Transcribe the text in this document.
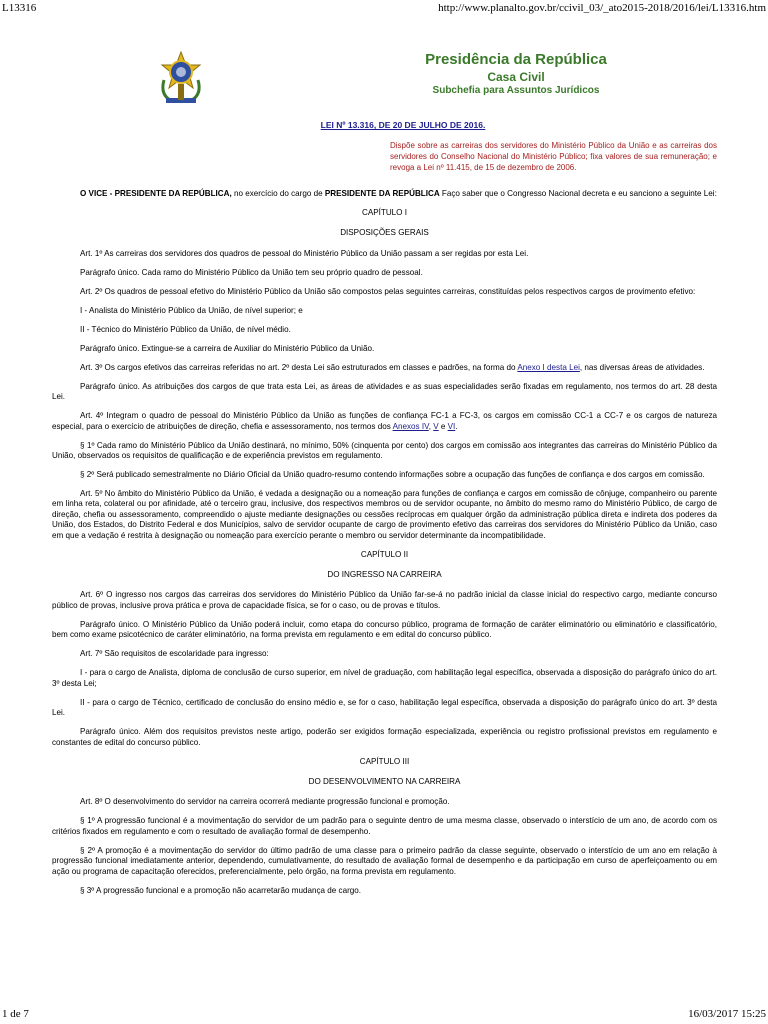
L13316	http://www.planalto.gov.br/ccivil_03/_ato2015-2018/2016/lei/L13316.htm
Presidência da República
Casa Civil
Subchefia para Assuntos Jurídicos
LEI Nº 13.316, DE 20 DE JULHO DE 2016.
Dispõe sobre as carreiras dos servidores do Ministério Público da União e as carreiras dos servidores do Conselho Nacional do Ministério Público; fixa valores de sua remuneração; e revoga a Lei nº 11.415, de 15 de dezembro de 2006.

O VICE - PRESIDENTE DA REPÚBLICA, no exercício do cargo de PRESIDENTE DA REPÚBLICA Faço saber que o Congresso Nacional decreta e eu sanciono a seguinte Lei:

CAPÍTULO I

DISPOSIÇÕES GERAIS

Art. 1º As carreiras dos servidores dos quadros de pessoal do Ministério Público da União passam a ser regidas por esta Lei.

Parágrafo único. Cada ramo do Ministério Público da União tem seu próprio quadro de pessoal.

Art. 2º Os quadros de pessoal efetivo do Ministério Público da União são compostos pelas seguintes carreiras, constituídas pelos respectivos cargos de provimento efetivo:

I - Analista do Ministério Público da União, de nível superior; e

II - Técnico do Ministério Público da União, de nível médio.

Parágrafo único. Extingue-se a carreira de Auxiliar do Ministério Público da União.

Art. 3º Os cargos efetivos das carreiras referidas no art. 2º desta Lei são estruturados em classes e padrões, na forma do Anexo I desta Lei, nas diversas áreas de atividades.

Parágrafo único. As atribuições dos cargos de que trata esta Lei, as áreas de atividades e as suas especialidades serão fixadas em regulamento, nos termos do art. 28 desta Lei.

Art. 4º Integram o quadro de pessoal do Ministério Público da União as funções de confiança FC-1 a FC-3, os cargos em comissão CC-1 a CC-7 e os cargos de natureza especial, para o exercício de atribuições de direção, chefia e assessoramento, nos termos dos Anexos IV, V e VI.

§ 1º Cada ramo do Ministério Público da União destinará, no mínimo, 50% (cinquenta por cento) dos cargos em comissão aos integrantes das carreiras do Ministério Público da União, observados os requisitos de qualificação e de experiência previstos em regulamento.

§ 2º Será publicado semestralmente no Diário Oficial da União quadro-resumo contendo informações sobre a ocupação das funções de confiança e dos cargos em comissão.

Art. 5º No âmbito do Ministério Público da União, é vedada a designação ou a nomeação para funções de confiança e cargos em comissão de cônjuge, companheiro ou parente em linha reta, colateral ou por afinidade, até o terceiro grau, inclusive, dos respectivos membros ou de servidor ocupante, no âmbito do mesmo ramo do Ministério Público, de cargo de direção, chefia ou assessoramento, compreendido o ajuste mediante designações ou cessões recíprocas em qualquer órgão da administração pública direta e indireta dos poderes da União, dos Estados, do Distrito Federal e dos Municípios, salvo de servidor ocupante de cargo de provimento efetivo das carreiras dos servidores do Ministério Público da União, caso em que a vedação é restrita à designação ou nomeação para exercício perante o membro ou servidor determinante da incompatibilidade.

CAPÍTULO II

DO INGRESSO NA CARREIRA

Art. 6º O ingresso nos cargos das carreiras dos servidores do Ministério Público da União far-se-á no padrão inicial da classe inicial do respectivo cargo, mediante concurso público de provas, inclusive prova prática e prova de capacidade física, se for o caso, ou de provas e títulos.

Parágrafo único. O Ministério Público da União poderá incluir, como etapa do concurso público, programa de formação de caráter eliminatório ou eliminatório e classificatório, bem como exame psicotécnico de caráter eliminatório, na forma prevista em regulamento e em edital do concurso público.

Art. 7º São requisitos de escolaridade para ingresso:

I - para o cargo de Analista, diploma de conclusão de curso superior, em nível de graduação, com habilitação legal específica, observada a disposição do parágrafo único do art. 3º desta Lei;

II - para o cargo de Técnico, certificado de conclusão do ensino médio e, se for o caso, habilitação legal específica, observada a disposição do parágrafo único do art. 3º desta Lei.

Parágrafo único. Além dos requisitos previstos neste artigo, poderão ser exigidos formação especializada, experiência ou registro profissional previstos em regulamento e constantes de edital do concurso público.

CAPÍTULO III

DO DESENVOLVIMENTO NA CARREIRA

Art. 8º O desenvolvimento do servidor na carreira ocorrerá mediante progressão funcional e promoção.

§ 1º A progressão funcional é a movimentação do servidor de um padrão para o seguinte dentro de uma mesma classe, observado o interstício de um ano, de acordo com os critérios fixados em regulamento e com o resultado de avaliação formal de desempenho.

§ 2º A promoção é a movimentação do servidor do último padrão de uma classe para o primeiro padrão da classe seguinte, observado o interstício de um ano em relação à progressão funcional imediatamente anterior, dependendo, cumulativamente, do resultado de avaliação formal de desempenho e da participação em curso de aperfeiçoamento ou em ação ou programa de capacitação oferecidos, preferencialmente, pelo órgão, na forma prevista em regulamento.

§ 3º A progressão funcional e a promoção não acarretarão mudança de cargo.

1 de 7	16/03/2017 15:25
